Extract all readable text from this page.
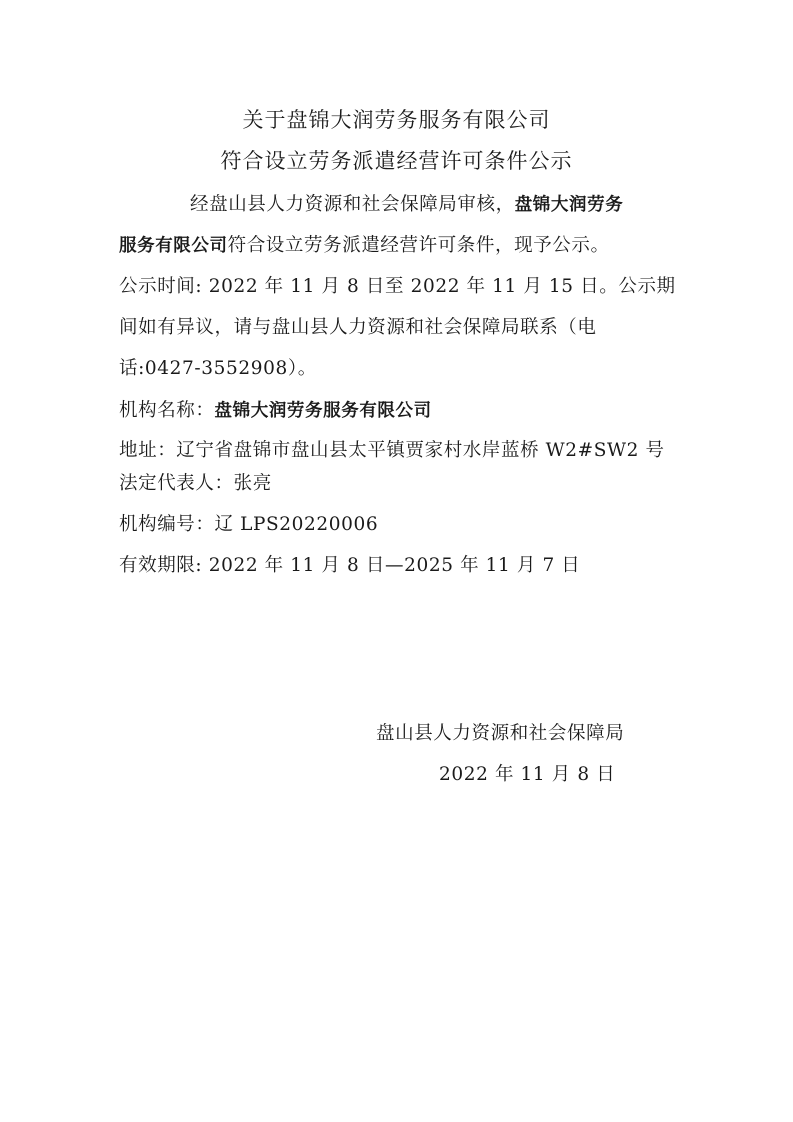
关于盘锦大润劳务服务有限公司
符合设立劳务派遣经营许可条件公示
经盘山县人力资源和社会保障局审核，盘锦大润劳务
服务有限公司符合设立劳务派遣经营许可条件，现予公示。
公示时间: 2022 年 11 月 8 日至 2022 年 11 月 15 日。公示期
间如有异议，请与盘山县人力资源和社会保障局联系（电
话:0427-3552908）。
机构名称：盘锦大润劳务服务有限公司
地址：辽宁省盘锦市盘山县太平镇贾家村水岸蓝桥 W2#SW2 号
法定代表人：张亮
机构编号：辽 LPS20220006
有效期限: 2022 年 11 月 8 日—2025 年 11 月 7 日
盘山县人力资源和社会保障局
2022 年 11 月 8 日
